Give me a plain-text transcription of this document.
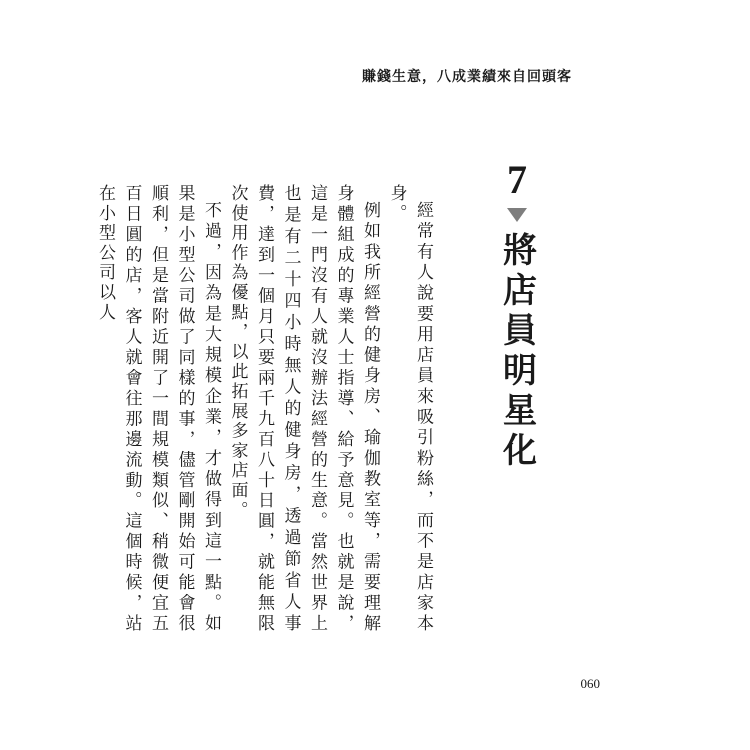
賺錢生意，八成業績來自回頭客
7
將店員明星化

經常有人說要用店員來吸引粉絲，而不是店家本身。

例如我所經營的健身房、瑜伽教室等，需要理解身體組成的專業人士指導、給予意見。也就是說，這是一門沒有人就沒辦法經營的生意。當然世界上也是有二十四小時無人的健身房，透過節省人事費，達到一個月只要兩千九百八十日圓，就能無限次使用作為優點，以此拓展多家店面。

不過，因為是大規模企業，才做得到這一點。如果是小型公司做了同樣的事，儘管剛開始可能會很順利，但是當附近開了一間規模類似、稍微便宜五百日圓的店，客人就會往那邊流動。這個時候，站在小型公司以人

060
